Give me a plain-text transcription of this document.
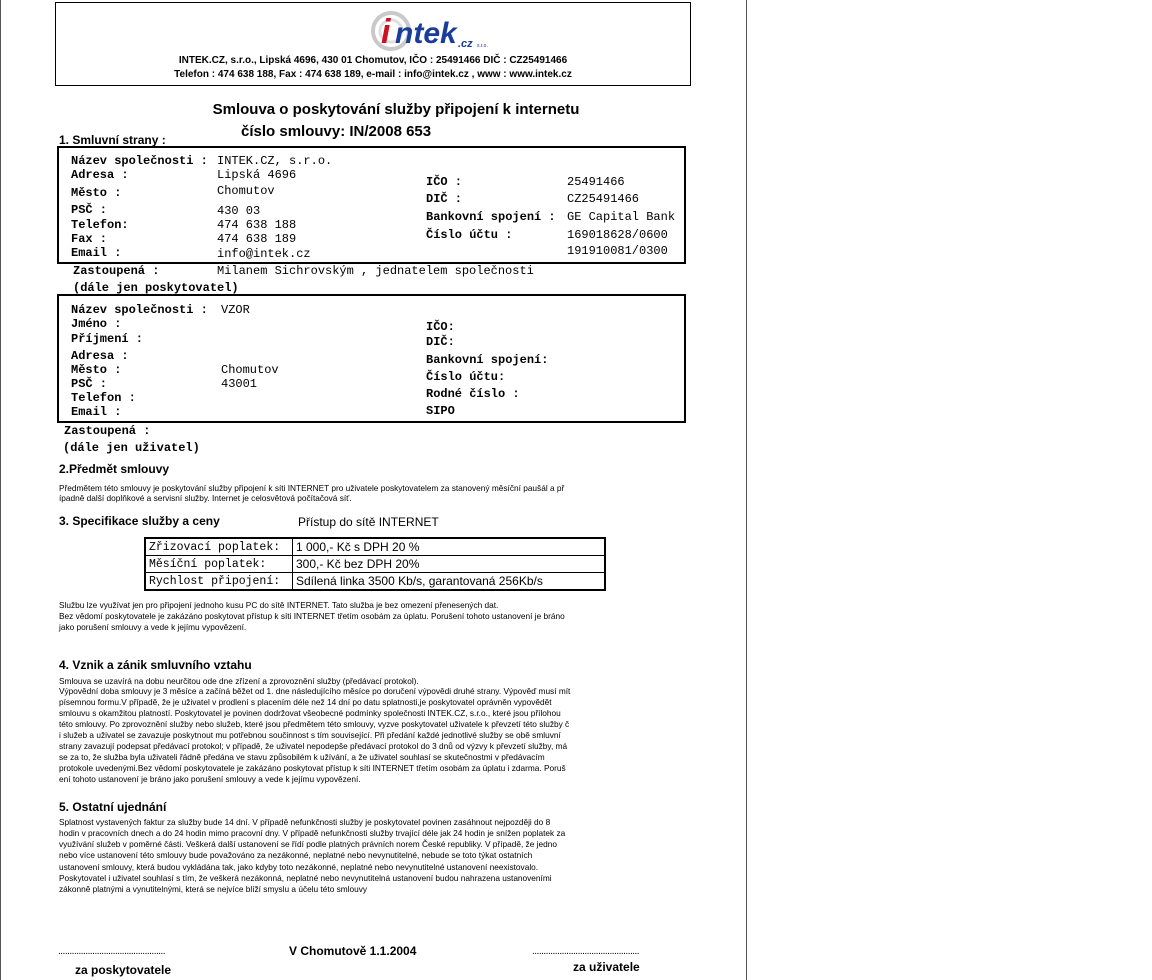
i ntek .cz s.r.o.
INTEK.CZ, s.r.o., Lipská 4696, 430 01 Chomutov, IČO : 25491466 DIČ : CZ25491466
Telefon : 474 638 188, Fax : 474 638 189, e-mail : info@intek.cz , www : www.intek.cz
Smlouva o poskytování služby připojení k internetu
číslo smlouvy: IN/2008 653
1. Smluvní strany :
Název společnosti : INTEK.CZ, s.r.o.
Adresa :	Lipská 4696
Město :	Chomutov
PSČ :	430 03
Telefon:	474 638 188
Fax :	474 638 189
Email :	info@intek.cz
IČO :	25491466
DIČ :	CZ25491466
Bankovní spojení : GE Capital Bank
Číslo účtu :	169018628/0600
191910081/0300
Zastoupená :	Milanem Sichrovským , jednatelem společnosti
(dále jen poskytovatel)
Název společnosti : VZOR
Jméno :
Příjmení :
Adresa :
Město :	Chomutov
PSČ :	43001
Telefon :
Email :
IČO:
DIČ:
Bankovní spojení:
Číslo účtu:
Rodné číslo :
SIPO
Zastoupená :
(dále jen uživatel)
2.Předmět smlouvy
Předmětem této smlouvy je poskytování služby připojení k síti INTERNET pro uživatele poskytovatelem za stanovený měsíční paušál a př
ípadně další doplňkové a servisní služby. Internet je celosvětová počítačová síť.
3. Specifikace služby a ceny	Přístup do sítě INTERNET
Zřizovací poplatek:	1 000,- Kč s DPH 20 %
Měsíční poplatek:	300,- Kč bez DPH 20%
Rychlost připojení:	Sdílená linka 3500 Kb/s, garantovaná 256Kb/s
Službu lze využívat jen pro připojení jednoho kusu PC do sítě INTERNET. Tato služba je bez omezení přenesených dat.
Bez vědomí poskytovatele je zakázáno poskytovat přístup k síti INTERNET třetím osobám za úplatu. Porušení tohoto ustanovení je bráno
jako porušení smlouvy a vede k jejímu vypovězení.
4. Vznik a zánik smluvního vztahu
Smlouva se uzavírá na dobu neurčitou ode dne zřízení a zprovoznění služby (předávací protokol).
Výpovědní doba smlouvy je 3 měsíce a začíná běžet od 1. dne následujícího měsíce po doručení výpovědi druhé strany. Výpověď musí mít
písemnou formu.V případě, že je uživatel v prodlení s placením déle než 14 dní po datu splatnosti,je poskytovatel oprávněn vypovědět
smlouvu s okamžitou platností. Poskytovatel je povinen dodržovat všeobecné podmínky společnosti INTEK.CZ, s.r.o., které jsou přílohou
této smlouvy. Po zprovoznění služby nebo služeb, které jsou předmětem této smlouvy, vyzve poskytovatel uživatele k převzetí této služby č
i služeb a uživatel se zavazuje poskytnout mu potřebnou součinnost s tím související. Při předání každé jednotlivé služby se obě smluvní
strany zavazují podepsat předávací protokol; v případě, že uživatel nepodepše předávací protokol do 3 dnů od výzvy k převzetí služby, má
se za to, že služba byla uživateli řádně předána ve stavu způsobilém k užívání, a že uživatel souhlasí se skutečnostmi v předávacím
protokole uvedenými.Bez vědomí poskytovatele je zakázáno poskytovat přístup k síti INTERNET třetím osobám za úplatu i zdarma. Poruš
ení tohoto ustanovení je bráno jako porušení smlouvy a vede k jejímu vypovězení.
5. Ostatní ujednání
Splatnost vystavených faktur za služby bude 14 dní. V případě nefunkčnosti služby je poskytovatel povinen zasáhnout nejpozději do 8
hodin v pracovních dnech a do 24 hodin mimo pracovní dny. V případě nefunkčnosti služby trvající déle jak 24 hodin je snížen poplatek za
využívání služeb v poměrné části. Veškerá další ustanovení se řídí podle platných právních norem České republiky. V případě, že jedno
nebo více ustanovení této smlouvy bude považováno za nezákonné, neplatné nebo nevynutitelné, nebude se toto týkat ostatních
ustanovení smlouvy, která budou vykládána tak, jako kdyby toto nezákonné, neplatné nebo nevynutitelné ustanovení neexistovalo.
Poskytovatel i uživatel souhlasí s tím, že veškerá nezákonná, neplatné nebo nevynutitelná ustanovení budou nahrazena ustanoveními
zákonně platnými a vynutitelnými, která se nejvíce blíží smyslu a účelu této smlouvy
...............................................	V Chomutově 1.1.2004	...............................................
za poskytovatele	za uživatele
